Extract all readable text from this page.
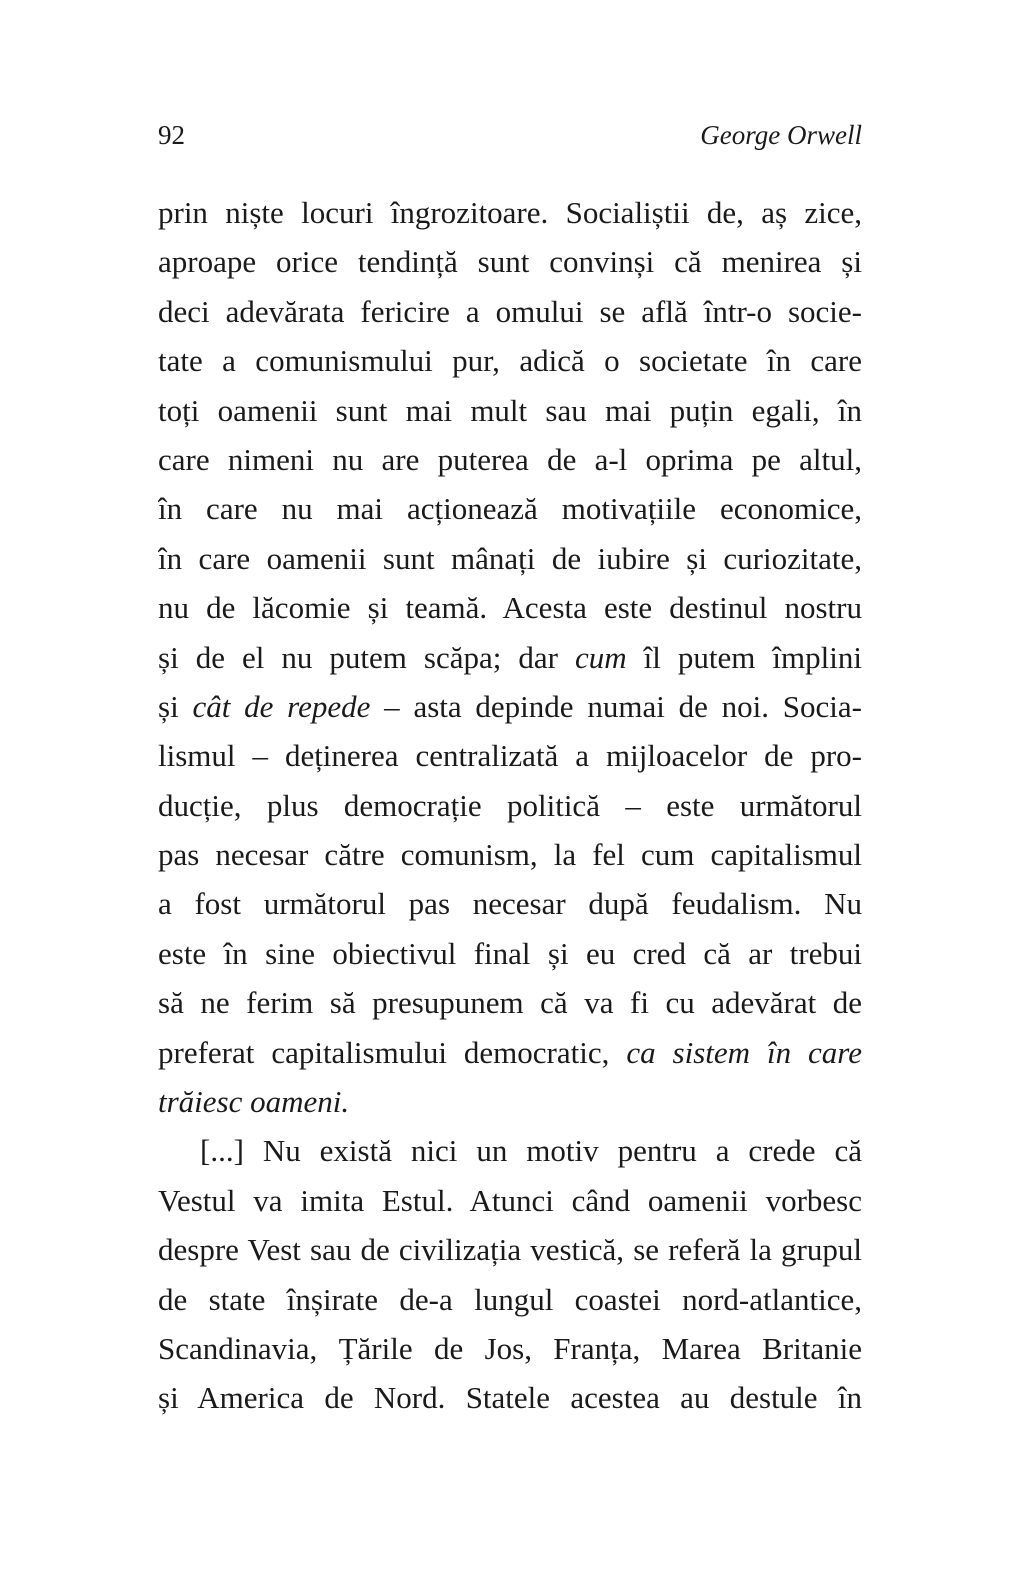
92	George Orwell
prin niște locuri îngrozitoare. Socialiștii de, aș zice,
aproape orice tendință sunt convinși că menirea și
deci adevărata fericire a omului se află într-o socie-
tate a comunismului pur, adică o societate în care
toți oamenii sunt mai mult sau mai puțin egali, în
care nimeni nu are puterea de a-l oprima pe altul,
în care nu mai acționează motivațiile economice,
în care oamenii sunt mânați de iubire și curiozitate,
nu de lăcomie și teamă. Acesta este destinul nostru
și de el nu putem scăpa; dar cum îl putem împlini
și cât de repede – asta depinde numai de noi. Socia-
lismul – deținerea centralizată a mijloacelor de pro-
ducție, plus democrație politică – este următorul
pas necesar către comunism, la fel cum capitalismul
a fost următorul pas necesar după feudalism. Nu
este în sine obiectivul final și eu cred că ar trebui
să ne ferim să presupunem că va fi cu adevărat de
preferat capitalismului democratic, ca sistem în care
trăiesc oameni.
[...] Nu există nici un motiv pentru a crede că
Vestul va imita Estul. Atunci când oamenii vorbesc
despre Vest sau de civilizația vestică, se referă la grupul
de state înșirate de-a lungul coastei nord-atlantice,
Scandinavia, Țările de Jos, Franța, Marea Britanie
și America de Nord. Statele acestea au destule în
